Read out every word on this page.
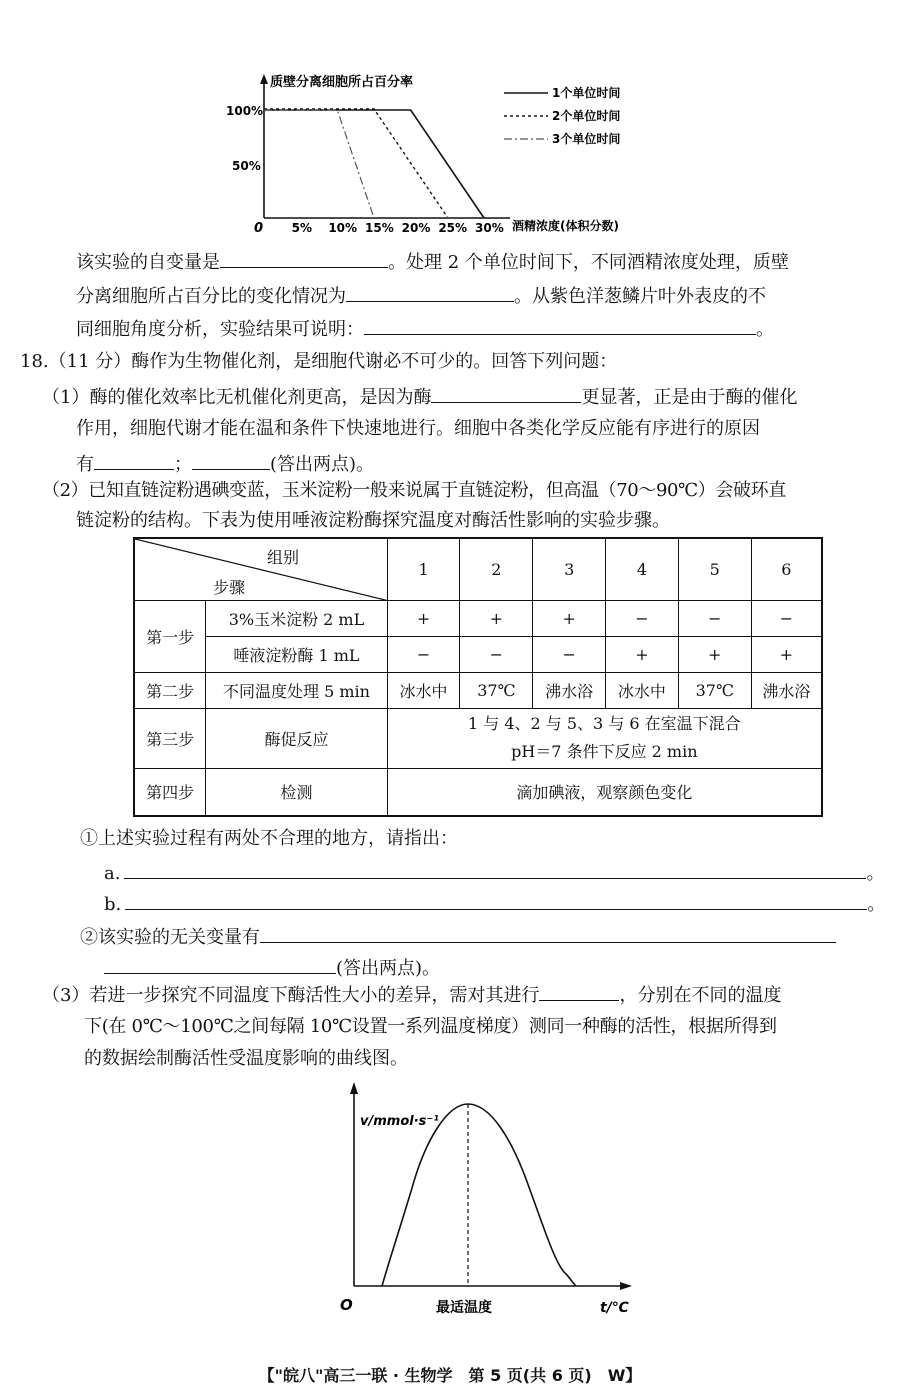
质壁分离细胞所占百分率
0
100%
50%
5% 10% 15% 20% 25% 30% 酒精浓度(体积分数)
1个单位时间
2个单位时间
3个单位时间
该实验的自变量是	。处理 2 个单位时间下，不同酒精浓度处理，质壁
分离细胞所占百分比的变化情况为	。从紫色洋葱鳞片叶外表皮的不
同细胞角度分析，实验结果可说明：	。
18.（11 分）酶作为生物催化剂，是细胞代谢必不可少的。回答下列问题：
（1）酶的催化效率比无机催化剂更高，是因为酶	更显著，正是由于酶的催化
作用，细胞代谢才能在温和条件下快速地进行。细胞中各类化学反应能有序进行的原因
有	；	(答出两点)。
（2）已知直链淀粉遇碘变蓝，玉米淀粉一般来说属于直链淀粉，但高温（70～90℃）会破环直
链淀粉的结构。下表为使用唾液淀粉酶探究温度对酶活性影响的实验步骤。
组别
步骤		1	2	3	4	5	6
第一步	3%玉米淀粉 2 mL	+	+	+	−	−	−
	唾液淀粉酶 1 mL	−	−	−	+	+	+
第二步	不同温度处理 5 min	冰水中	37℃	沸水浴	冰水中	37℃	沸水浴
第三步	酶促反应	1 与 4、2 与 5、3 与 6 在室温下混合
pH＝7 条件下反应 2 min					

第四步	检测	滴加碘液，观察颜色变化					
①上述实验过程有两处不合理的地方，请指出：
a.	。
b.	。
②该实验的无关变量有
(答出两点)。
（3）若进一步探究不同温度下酶活性大小的差异，需对其进行	，分别在不同的温度
下(在 0℃～100℃之间每隔 10℃设置一系列温度梯度）测同一种酶的活性，根据所得到
的数据绘制酶活性受温度影响的曲线图。
v/mmol·s⁻¹
O	最适温度	t/℃
【"皖八"高三一联 · 生物学　第 5 页(共 6 页)　W】
